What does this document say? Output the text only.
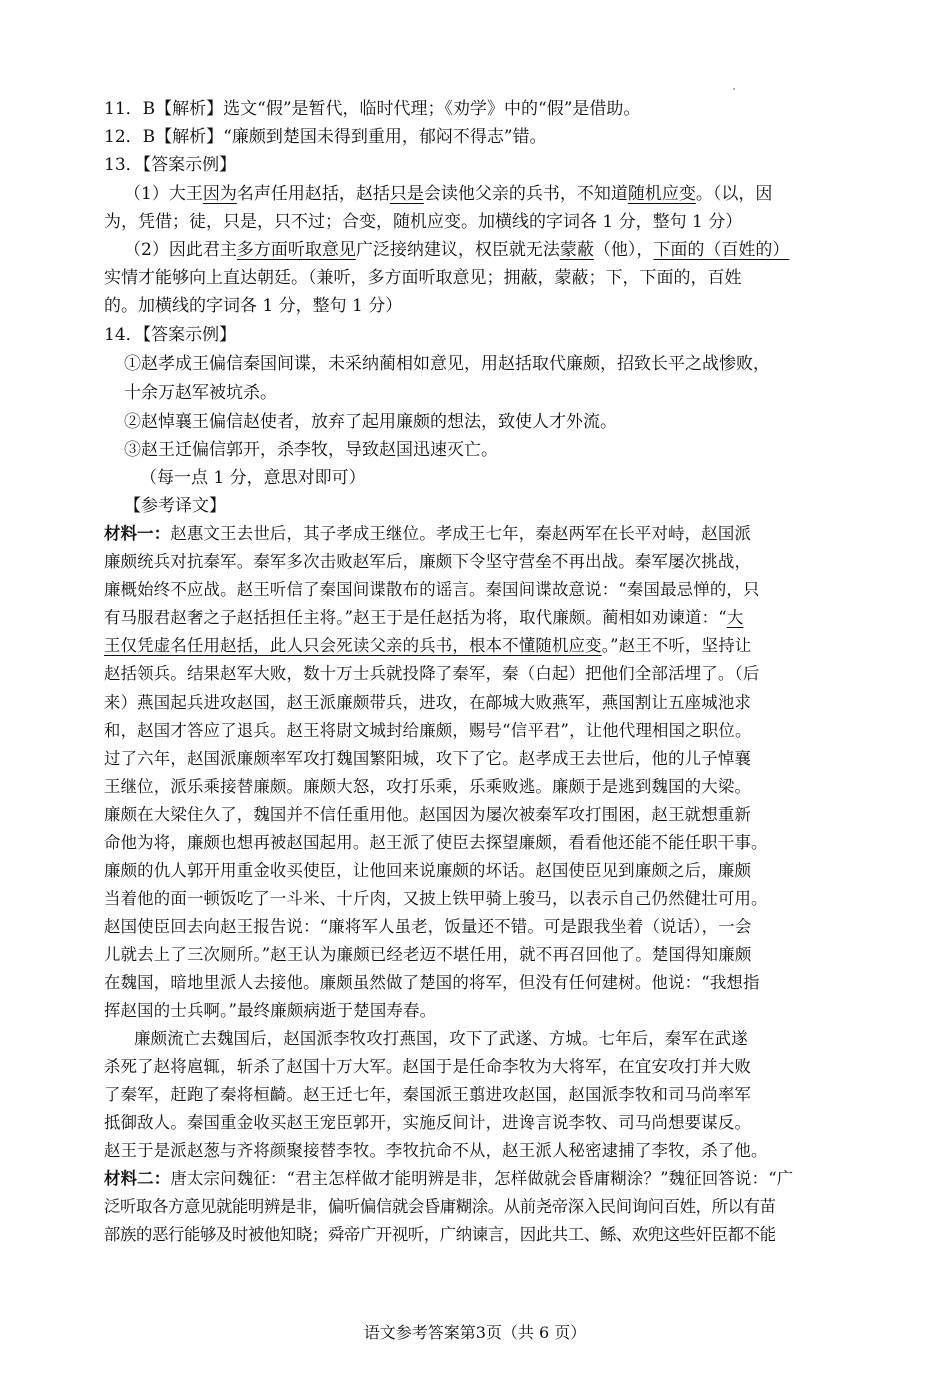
11．B【解析】选文“假”是暂代，临时代理；《劝学》中的“假”是借助。
12．B【解析】“廉颇到楚国未得到重用，郁闷不得志”错。
13．【答案示例】
（1）大王因为名声任用赵括，赵括只是会读他父亲的兵书，不知道随机应变。（以，因
为，凭借；徒，只是，只不过；合变，随机应变。加横线的字词各 1 分，整句 1 分）
（2）因此君主多方面听取意见广泛接纳建议，权臣就无法蒙蔽（他），下面的（百姓的）
实情才能够向上直达朝廷。（兼听，多方面听取意见；拥蔽，蒙蔽；下，下面的，百姓
的。加横线的字词各 1 分，整句 1 分）
14．【答案示例】
①赵孝成王偏信秦国间谍，未采纳蔺相如意见，用赵括取代廉颇，招致长平之战惨败，
十余万赵军被坑杀。
②赵悼襄王偏信赵使者，放弃了起用廉颇的想法，致使人才外流。
③赵王迁偏信郭开，杀李牧，导致赵国迅速灭亡。
（每一点 1 分，意思对即可）
【参考译文】
材料一：赵惠文王去世后，其子孝成王继位。孝成王七年，秦赵两军在长平对峙，赵国派
廉颇统兵对抗秦军。秦军多次击败赵军后，廉颇下令坚守营垒不再出战。秦军屡次挑战，
廉概始终不应战。赵王听信了秦国间谍散布的谣言。秦国间谍故意说：“秦国最忌惮的，只
有马服君赵奢之子赵括担任主将。”赵王于是任赵括为将，取代廉颇。蔺相如劝谏道：“大
王仅凭虚名任用赵括，此人只会死读父亲的兵书，根本不懂随机应变。”赵王不听，坚持让
赵括领兵。结果赵军大败，数十万士兵就投降了秦军，秦（白起）把他们全部活埋了。（后
来）燕国起兵进攻赵国，赵王派廉颇带兵，进攻，在鄗城大败燕军，燕国割让五座城池求
和，赵国才答应了退兵。赵王将尉文城封给廉颇，赐号“信平君”，让他代理相国之职位。
过了六年，赵国派廉颇率军攻打魏国繁阳城，攻下了它。赵孝成王去世后，他的儿子悼襄
王继位，派乐乘接替廉颇。廉颇大怒，攻打乐乘，乐乘败逃。廉颇于是逃到魏国的大梁。
廉颇在大梁住久了，魏国并不信任重用他。赵国因为屡次被秦军攻打围困，赵王就想重新
命他为将，廉颇也想再被赵国起用。赵王派了使臣去探望廉颇，看看他还能不能任职干事。
廉颇的仇人郭开用重金收买使臣，让他回来说廉颇的坏话。赵国使臣见到廉颇之后，廉颇
当着他的面一顿饭吃了一斗米、十斤肉，又披上铁甲骑上骏马，以表示自己仍然健壮可用。
赵国使臣回去向赵王报告说：“廉将军人虽老，饭量还不错。可是跟我坐着（说话），一会
儿就去上了三次厕所。”赵王认为廉颇已经老迈不堪任用，就不再召回他了。楚国得知廉颇
在魏国，暗地里派人去接他。廉颇虽然做了楚国的将军，但没有任何建树。他说：“我想指
挥赵国的士兵啊。”最终廉颇病逝于楚国寿春。
廉颇流亡去魏国后，赵国派李牧攻打燕国，攻下了武遂、方城。七年后，秦军在武遂
杀死了赵将扈辄，斩杀了赵国十万大军。赵国于是任命李牧为大将军，在宜安攻打并大败
了秦军，赶跑了秦将桓齮。赵王迁七年，秦国派王翦进攻赵国，赵国派李牧和司马尚率军
抵御敌人。秦国重金收买赵王宠臣郭开，实施反间计，进谗言说李牧、司马尚想要谋反。
赵王于是派赵葱与齐将颜聚接替李牧。李牧抗命不从，赵王派人秘密逮捕了李牧，杀了他。
材料二：唐太宗问魏征：“君主怎样做才能明辨是非，怎样做就会昏庸糊涂？”魏征回答说：“广
泛听取各方意见就能明辨是非，偏听偏信就会昏庸糊涂。从前尧帝深入民间询问百姓，所以有苗
部族的恶行能够及时被他知晓；舜帝广开视听，广纳谏言，因此共工、鲧、欢兜这些奸臣都不能
语文参考答案第3页（共 6 页）
